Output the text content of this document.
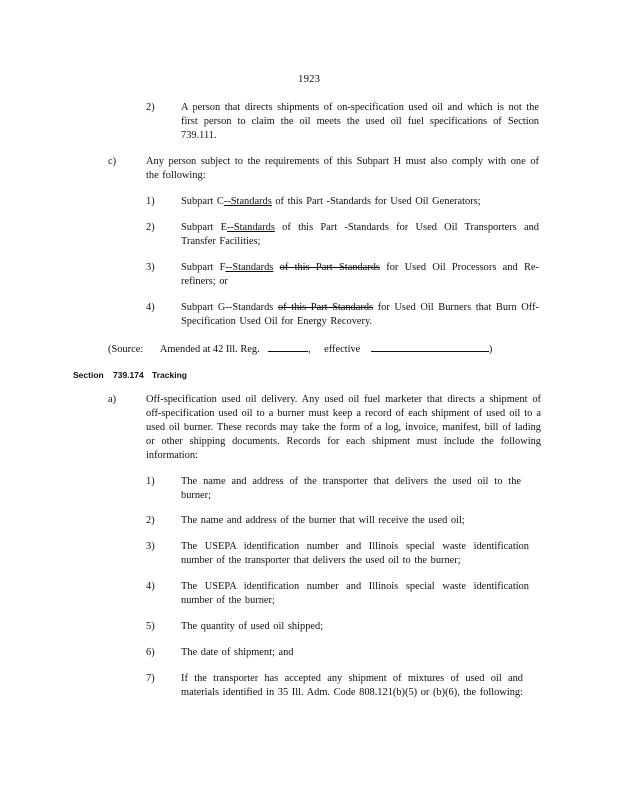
1923
2)	A person that directs shipments of on-specification used oil and which is not the first person to claim the oil meets the used oil fuel specifications of Section 739.111.
c)	Any person subject to the requirements of this Subpart H must also comply with one of the following:
1)	Subpart C--Standards of this Part -Standards for Used Oil Generators;
2)	Subpart E--Standards of this Part -Standards for Used Oil Transporters and Transfer Facilities;
3)	Subpart F--Standards of this Part Standards for Used Oil Processors and Re-refiners; or
4)	Subpart G--Standards of this Part Standards for Used Oil Burners that Burn Off-Specification Used Oil for Energy Recovery.
(Source: Amended at 42 Ill. Reg.	,  effective	)
Section 739.174 Tracking
a)	Off-specification used oil delivery. Any used oil fuel marketer that directs a shipment of off-specification used oil to a burner must keep a record of each shipment of used oil to a used oil burner. These records may take the form of a log, invoice, manifest, bill of lading or other shipping documents. Records for each shipment must include the following information:
1)	The name and address of the transporter that delivers the used oil to the burner;
2)	The name and address of the burner that will receive the used oil;
3)	The USEPA identification number and Illinois special waste identification number of the transporter that delivers the used oil to the burner;
4)	The USEPA identification number and Illinois special waste identification number of the burner;
5)	The quantity of used oil shipped;
6)	The date of shipment; and
7)	If the transporter has accepted any shipment of mixtures of used oil and materials identified in 35 Ill. Adm. Code 808.121(b)(5) or (b)(6), the following:
